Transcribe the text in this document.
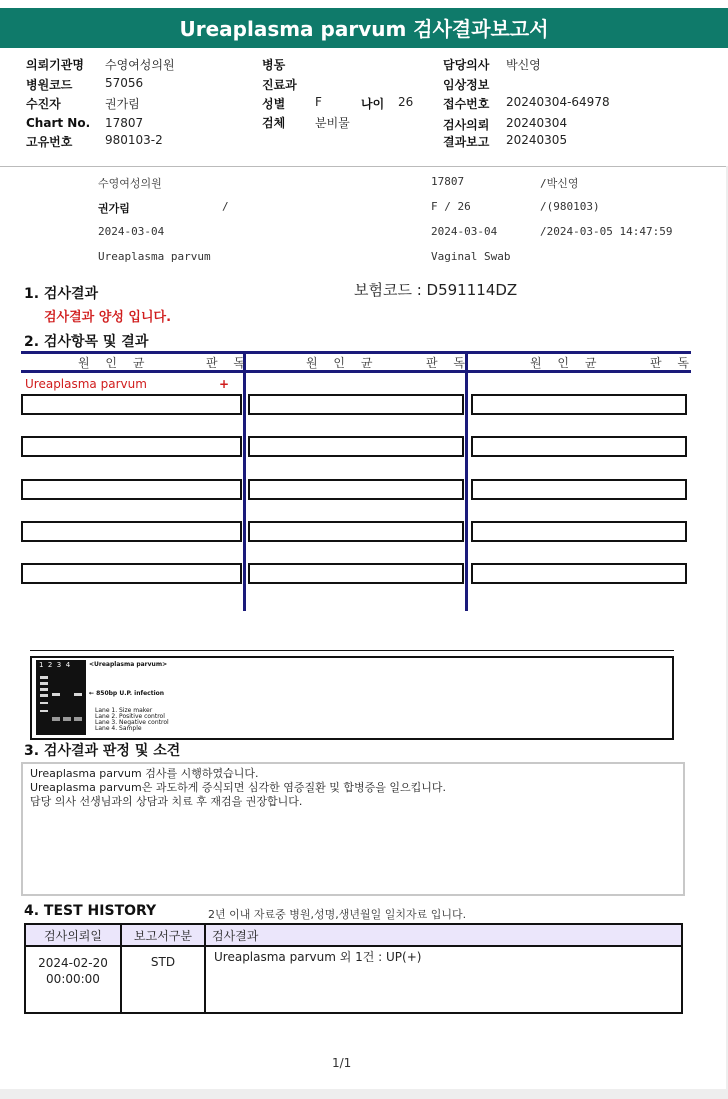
Ureaplasma parvum 검사결과보고서
의뢰기관명 수영여성의원
병원코드	57056
수진자	권가림
Chart No. 17807
고유번호	980103-2
병동
진료과
성별 F	나이 26
검체 분비물
담당의사 박신영
임상정보
접수번호 20240304-64978
검사의뢰 20240304
결과보고 20240305
수영여성의원	17807	/박신영
권가림	/	F / 26	/(980103)
2024-03-04	2024-03-04	/2024-03-05 14:47:59
Ureaplasma parvum	Vaginal Swab
1. 검사결과	보험코드 : D591114DZ
검사결과 양성 입니다.
2. 검사항목 및 결과
원 인 균	판 독	원 인 균	판 독	원 인 균	판 독
Ureaplasma parvum	+
1  2  3  4	<Ureaplasma parvum>
← 850bp U.P. infection
Lane 1. Size maker
Lane 2. Positive control
Lane 3. Negative control
Lane 4. Sample
3. 검사결과 판정 및 소견
Ureaplasma parvum 검사를 시행하였습니다.
Ureaplasma parvum은 과도하게 증식되면 심각한 염증질환 및 합병증을 일으킵니다.
담당 의사 선생님과의 상담과 치료 후 재검을 권장합니다.
4. TEST HISTORY	2년 이내 자료중 병원,성명,생년월일 일치자료 입니다.
검사의뢰일	보고서구분	검사결과

2024-02-20
00:00:00	STD	Ureaplasma parvum 외 1건 : UP(+)
1/1
